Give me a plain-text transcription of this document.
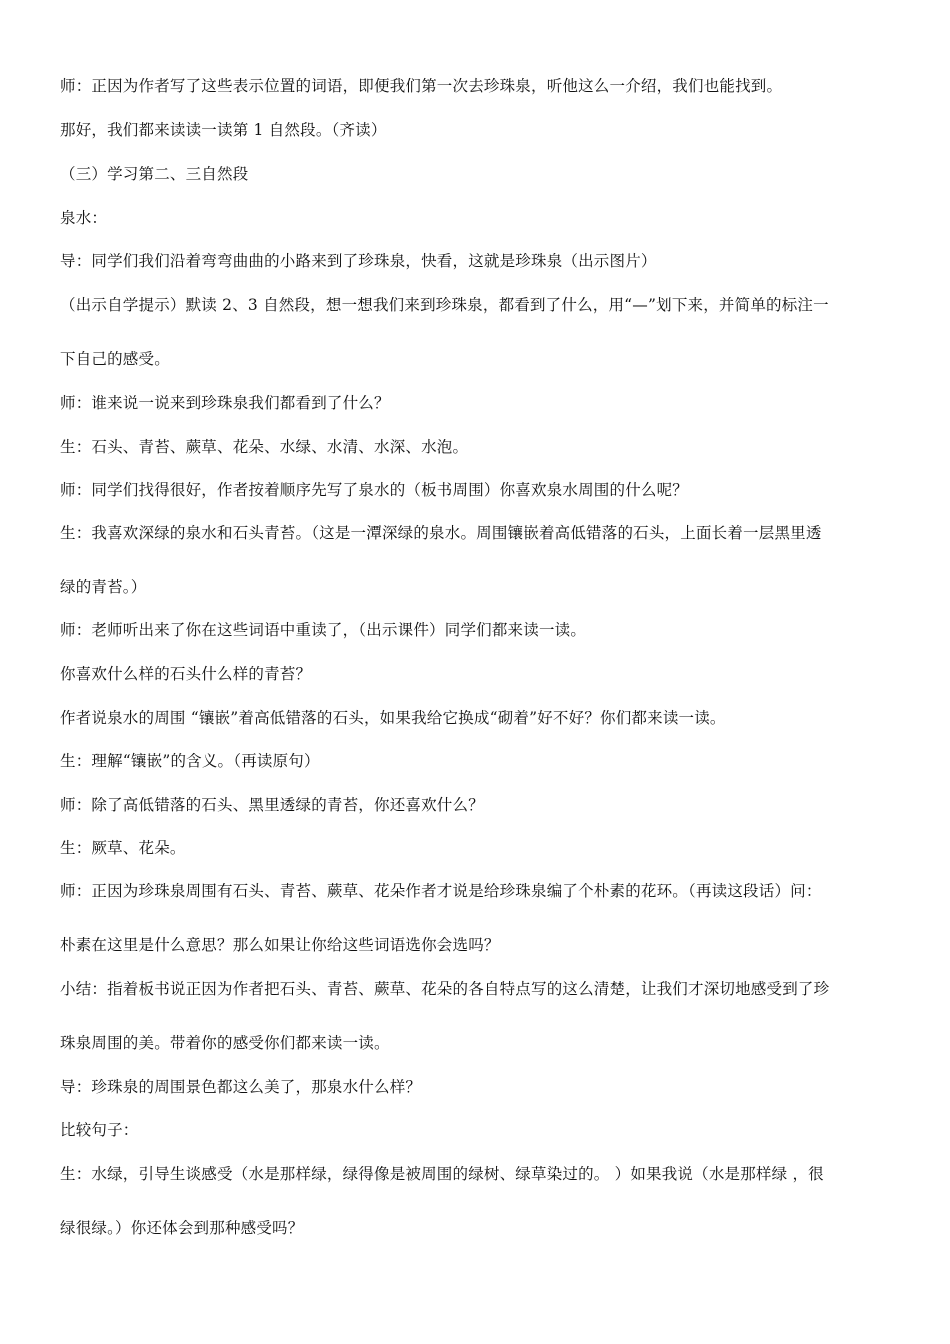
师：正因为作者写了这些表示位置的词语，即便我们第一次去珍珠泉，听他这么一介绍，我们也能找到。
那好，我们都来读读一读第 1 自然段。（齐读）
（三）学习第二、三自然段
泉水：
导：同学们我们沿着弯弯曲曲的小路来到了珍珠泉，快看，这就是珍珠泉（出示图片）
（出示自学提示）默读 2、3 自然段，想一想我们来到珍珠泉，都看到了什么，用“—”划下来，并简单的标注一
下自己的感受。
师：谁来说一说来到珍珠泉我们都看到了什么？
生：石头、青苔、蕨草、花朵、水绿、水清、水深、水泡。
师：同学们找得很好，作者按着顺序先写了泉水的（板书周围）你喜欢泉水周围的什么呢？
生：我喜欢深绿的泉水和石头青苔。（这是一潭深绿的泉水。周围镶嵌着高低错落的石头，上面长着一层黑里透
绿的青苔。）
师：老师听出来了你在这些词语中重读了，（出示课件）同学们都来读一读。
你喜欢什么样的石头什么样的青苔？
作者说泉水的周围 “镶嵌”着高低错落的石头，如果我给它换成“砌着”好不好？你们都来读一读。
生：理解“镶嵌”的含义。（再读原句）
师：除了高低错落的石头、黑里透绿的青苔，你还喜欢什么？
生：厥草、花朵。
师：正因为珍珠泉周围有石头、青苔、蕨草、花朵作者才说是给珍珠泉编了个朴素的花环。（再读这段话）问：
朴素在这里是什么意思？那么如果让你给这些词语选你会选吗？
小结：指着板书说正因为作者把石头、青苔、蕨草、花朵的各自特点写的这么清楚，让我们才深切地感受到了珍
珠泉周围的美。带着你的感受你们都来读一读。
导：珍珠泉的周围景色都这么美了，那泉水什么样？
比较句子：
生：水绿，引导生谈感受（水是那样绿，绿得像是被周围的绿树、绿草染过的。 ）如果我说（水是那样绿 ，很
绿很绿。）你还体会到那种感受吗？
